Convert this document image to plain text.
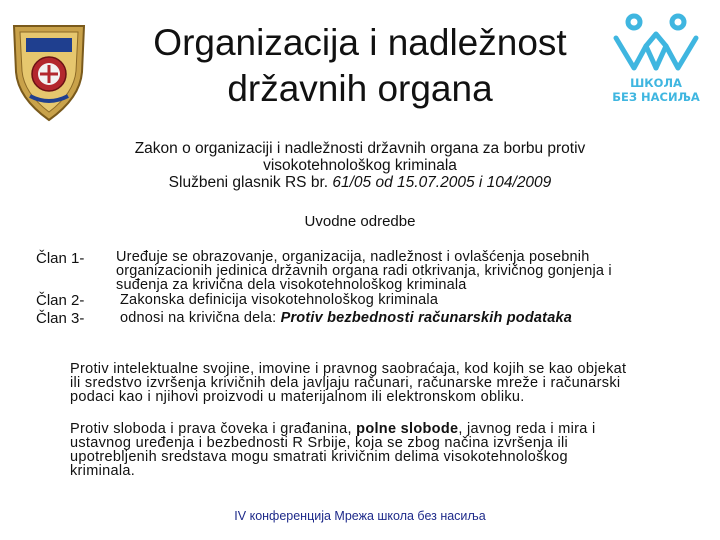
Organizacija i nadležnost
državnih organa	ШКОЛА
БЕЗ НАСИЉА
Zakon o organizaciji i nadležnosti državnih organa za borbu protiv
visokotehnološkog kriminala
Službeni glasnik RS br. 61/05 od 15.07.2005 i 104/2009
Uvodne odredbe
Član 1- Uređuje se obrazovanje, organizacija, nadležnost i ovlašćenja posebnih
organizacionih jedinica državnih organa radi otkrivanja, krivičnog gonjenja i
suđenja za krivična dela visokotehnološkog kriminala
Član 2- Zakonska definicija visokotehnološkog kriminala
Član 3- odnosi na krivična dela: Protiv bezbednosti računarskih podataka
Protiv intelektualne svojine, imovine i pravnog saobraćaja, kod kojih se kao objekat
ili sredstvo izvršenja krivičnih dela javljaju računari, računarske mreže i računarski
podaci kao i njihovi proizvodi u materijalnom ili elektronskom obliku.
Protiv sloboda i prava čoveka i građanina, polne slobode, javnog reda i mira i
ustavnog uređenja i bezbednosti R Srbije, koja se zbog načina izvršenja ili
upotrebljenih sredstava mogu smatrati krivičnim delima visokotehnološkog
kriminala.
IV конференција Мрежа школа без насиља
